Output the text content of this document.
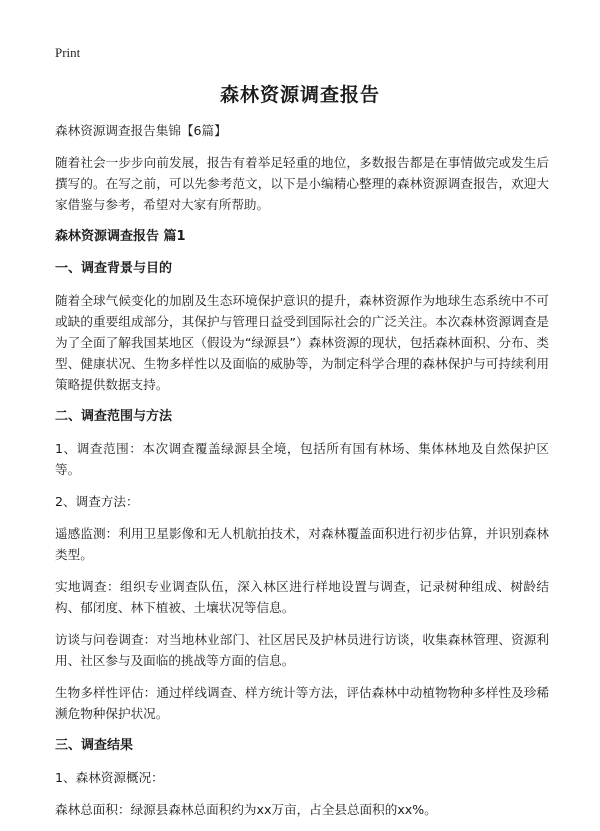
Print
森林资源调查报告

森林资源调查报告集锦【6篇】

随着社会一步步向前发展，报告有着举足轻重的地位，多数报告都是在事情做完或发生后撰写的。在写之前，可以先参考范文，以下是小编精心整理的森林资源调查报告，欢迎大家借鉴与参考，希望对大家有所帮助。

森林资源调查报告 篇1
一、调查背景与目的

随着全球气候变化的加剧及生态环境保护意识的提升，森林资源作为地球生态系统中不可或缺的重要组成部分，其保护与管理日益受到国际社会的广泛关注。本次森林资源调查是为了全面了解我国某地区（假设为“绿源县”）森林资源的现状，包括森林面积、分布、类型、健康状况、生物多样性以及面临的威胁等，为制定科学合理的森林保护与可持续利用策略提供数据支持。

二、调查范围与方法

1、调查范围：本次调查覆盖绿源县全境，包括所有国有林场、集体林地及自然保护区等。

2、调查方法：

遥感监测：利用卫星影像和无人机航拍技术，对森林覆盖面积进行初步估算，并识别森林类型。

实地调查：组织专业调查队伍，深入林区进行样地设置与调查，记录树种组成、树龄结构、郁闭度、林下植被、土壤状况等信息。

访谈与问卷调查：对当地林业部门、社区居民及护林员进行访谈，收集森林管理、资源利用、社区参与及面临的挑战等方面的信息。

生物多样性评估：通过样线调查、样方统计等方法，评估森林中动植物物种多样性及珍稀濒危物种保护状况。

三、调查结果

1、森林资源概况：

森林总面积：绿源县森林总面积约为xx万亩，占全县总面积的xx%。
